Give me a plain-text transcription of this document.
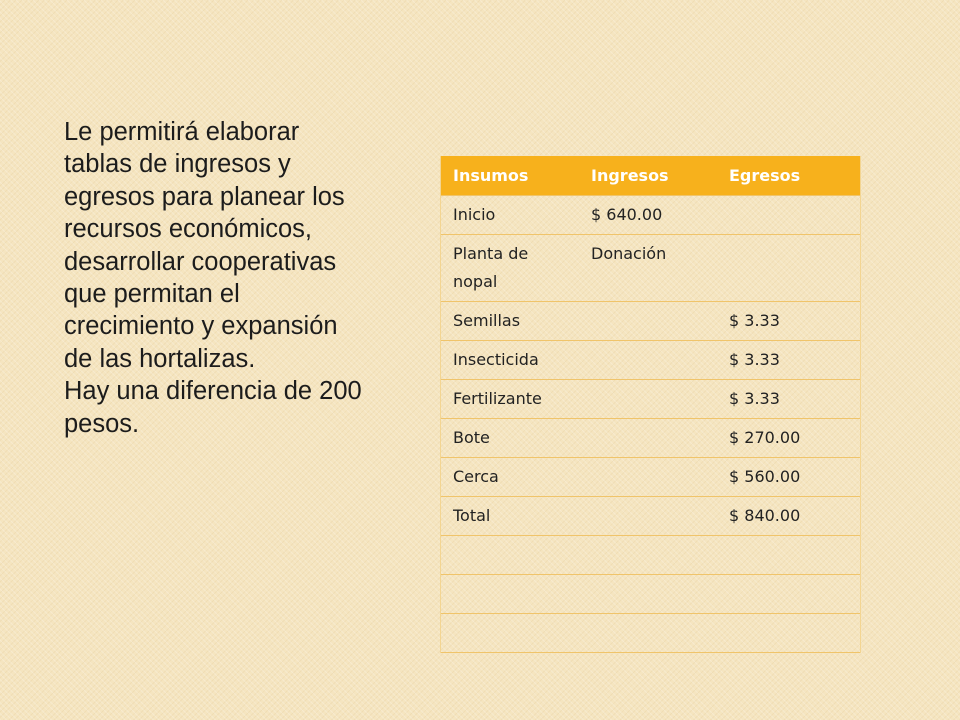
Le permitirá elaborar tablas de ingresos y egresos para planear los recursos económicos, desarrollar cooperativas que permitan el crecimiento y expansión de las hortalizas.

Hay una diferencia de 200 pesos.

Insumos	Ingresos	Egresos
Inicio	$ 640.00	
Planta de nopal	Donación	
Semillas		$ 3.33
Insecticida		$ 3.33
Fertilizante		$ 3.33
Bote		$ 270.00
Cerca		$ 560.00
Total		$ 840.00
